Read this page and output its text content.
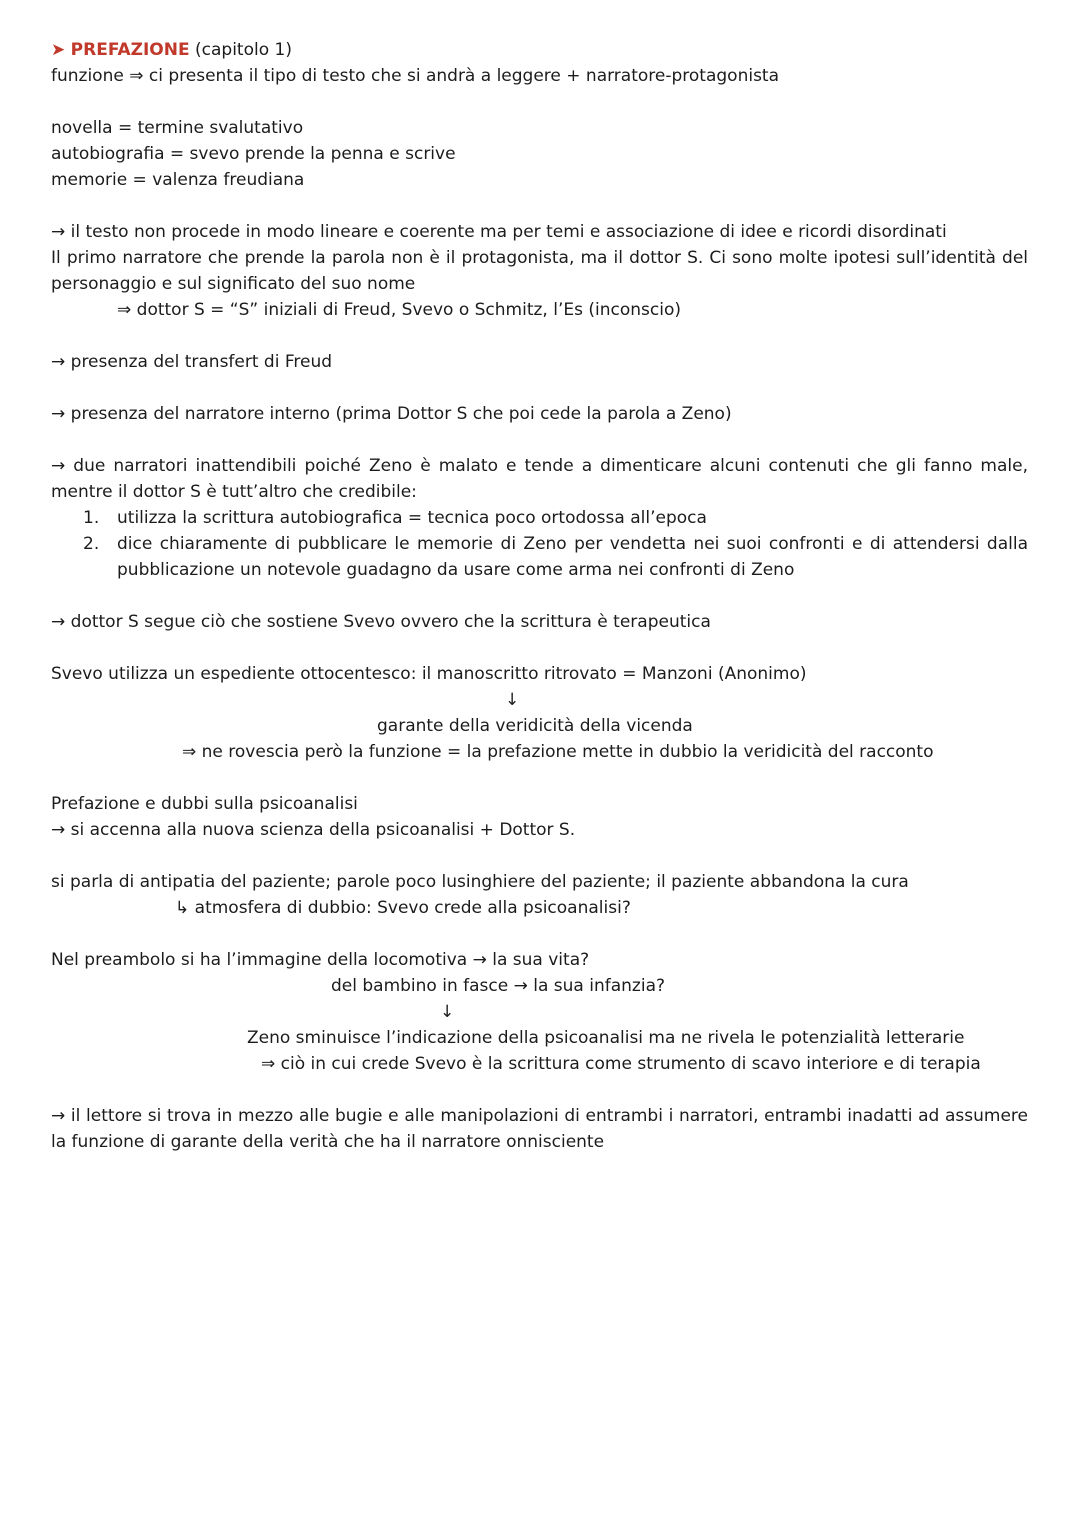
➤ PREFAZIONE (capitolo 1)
funzione ⇒ ci presenta il tipo di testo che si andrà a leggere + narratore-protagonista
novella = termine svalutativo
autobiografia = svevo prende la penna e scrive
memorie = valenza freudiana
→ il testo non procede in modo lineare e coerente ma per temi e associazione di idee e ricordi disordinati
Il primo narratore che prende la parola non è il protagonista, ma il dottor S. Ci sono molte ipotesi sull’identità del personaggio e sul significato del suo nome
⇒ dottor S = “S” iniziali di Freud, Svevo o Schmitz, l’Es (inconscio)
→ presenza del transfert di Freud
→ presenza del narratore interno (prima Dottor S che poi cede la parola a Zeno)
→ due narratori inattendibili poiché Zeno è malato e tende a dimenticare alcuni contenuti che gli fanno male, mentre il dottor S è tutt’altro che credibile:
1. utilizza la scrittura autobiografica = tecnica poco ortodossa all’epoca
2. dice chiaramente di pubblicare le memorie di Zeno per vendetta nei suoi confronti e di attendersi dalla pubblicazione un notevole guadagno da usare come arma nei confronti di Zeno
→ dottor S segue ciò che sostiene Svevo ovvero che la scrittura è terapeutica
Svevo utilizza un espediente ottocentesco: il manoscritto ritrovato = Manzoni (Anonimo)
↓
garante della veridicità della vicenda
⇒ ne rovescia però la funzione = la prefazione mette in dubbio la veridicità del racconto
Prefazione e dubbi sulla psicoanalisi
→ si accenna alla nuova scienza della psicoanalisi + Dottor S.
si parla di antipatia del paziente; parole poco lusinghiere del paziente; il paziente abbandona la cura
↳ atmosfera di dubbio: Svevo crede alla psicoanalisi?
Nel preambolo si ha l’immagine della locomotiva → la sua vita?
del bambino in fasce → la sua infanzia?
↓
Zeno sminuisce l’indicazione della psicoanalisi ma ne rivela le potenzialità letterarie
⇒ ciò in cui crede Svevo è la scrittura come strumento di scavo interiore e di terapia
→ il lettore si trova in mezzo alle bugie e alle manipolazioni di entrambi i narratori, entrambi inadatti ad assumere la funzione di garante della verità che ha il narratore onnisciente
